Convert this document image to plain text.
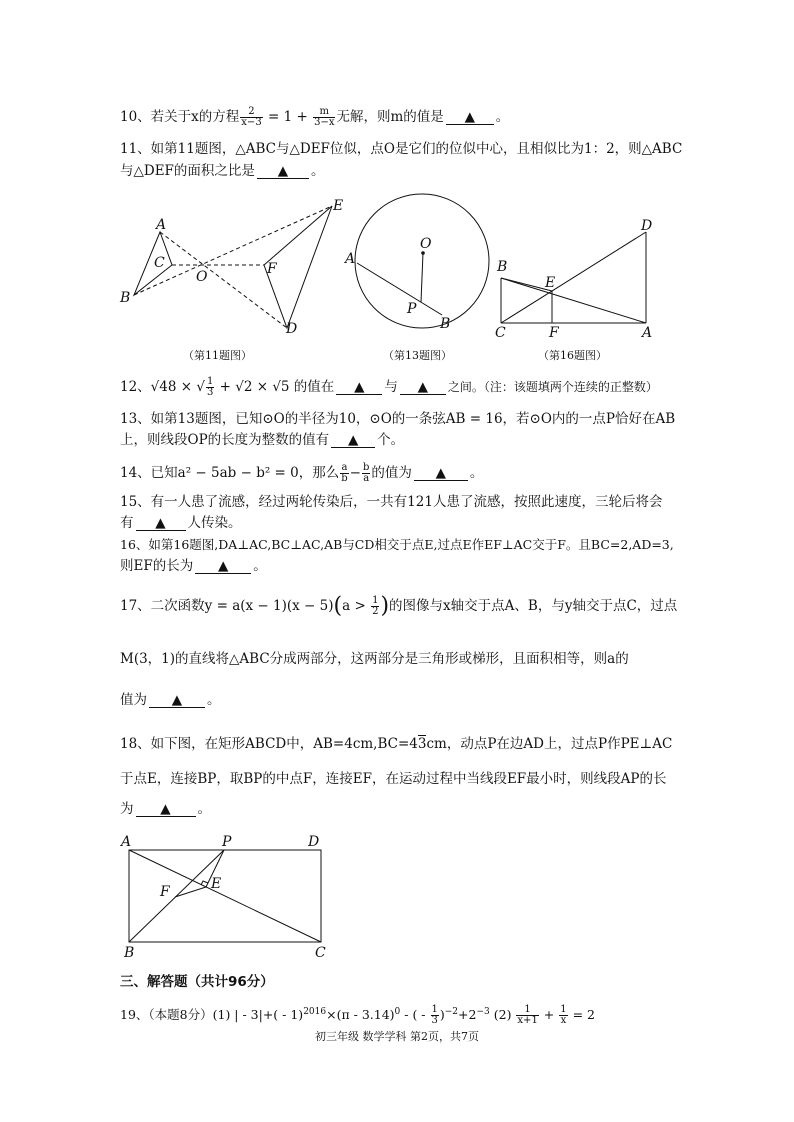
10、若关于x的方程 $\frac{2}{x-3} = 1 + \frac{m}{3-x}$ 无解，则m的值是 ▲ 。
11、如第11题图，△ABC与△DEF位似，点O是它们的位似中心，且相似比为1：2，则△ABC
与△DEF的面积之比是 ▲ 。
A
B
C
O
E
F
D
（第11题图）
O
A
P
B
（第13题图）
B
E
D
C	F	A
（第16题图）
12、√48 × √ $\frac{1}{3} + √2 \times √5$ 的值在 ▲ 与 ▲ 之间。（注：该题填两个连续的正整数）
13、如第13题图，已知⊙O的半径为10，⊙O的一条弦AB = 16，若⊙O内的一点P恰好在AB
上，则线段OP的长度为整数的值有 ▲ 个。
14、已知a² − 5ab − b² = 0，那么 $\frac{a}{b} - \frac{b}{a}$ 的值为 ▲ 。
15、有一人患了流感，经过两轮传染后，一共有121人患了流感，按照此速度，三轮后将会
有 ▲ 人传染。
16、如第16题图,DA⊥AC,BC⊥AC,AB与CD相交于点E,过点E作EF⊥AC交于F。且BC=2,AD=3,
则EF的长为 ▲ 。
17、二次函数$y = a(x - 1)(x - 5)(a > \frac{1}{2}$ )的图像与x轴交于点A、B，与y轴交于点C，过点
M(3，1)的直线将△ABC分成两部分，这两部分是三角形或梯形，且面积相等，则a的
值为 ▲ 。
18、如下图，在矩形ABCD中，AB=4cm,BC=43cm，动点P在边AD上，过点P作PE⊥AC
于点E，连接BP，取BP的中点F，连接EF，在运动过程中当线段EF最小时，则线段AP的长
为 ▲ 。
A	P	D
F	E
B	C
三、解答题（共计96分）
19、（本题8分）(1) | - 3|+( - 1)$^{2016}$×(π - 3.14)$^0$ - ( - $\frac{1}{3} )^{-2}+2^{-3}$ $(2) \frac{1}{x+1} + \frac{1}{x} = 2$
初三年级 数学学科 第2页，共7页
